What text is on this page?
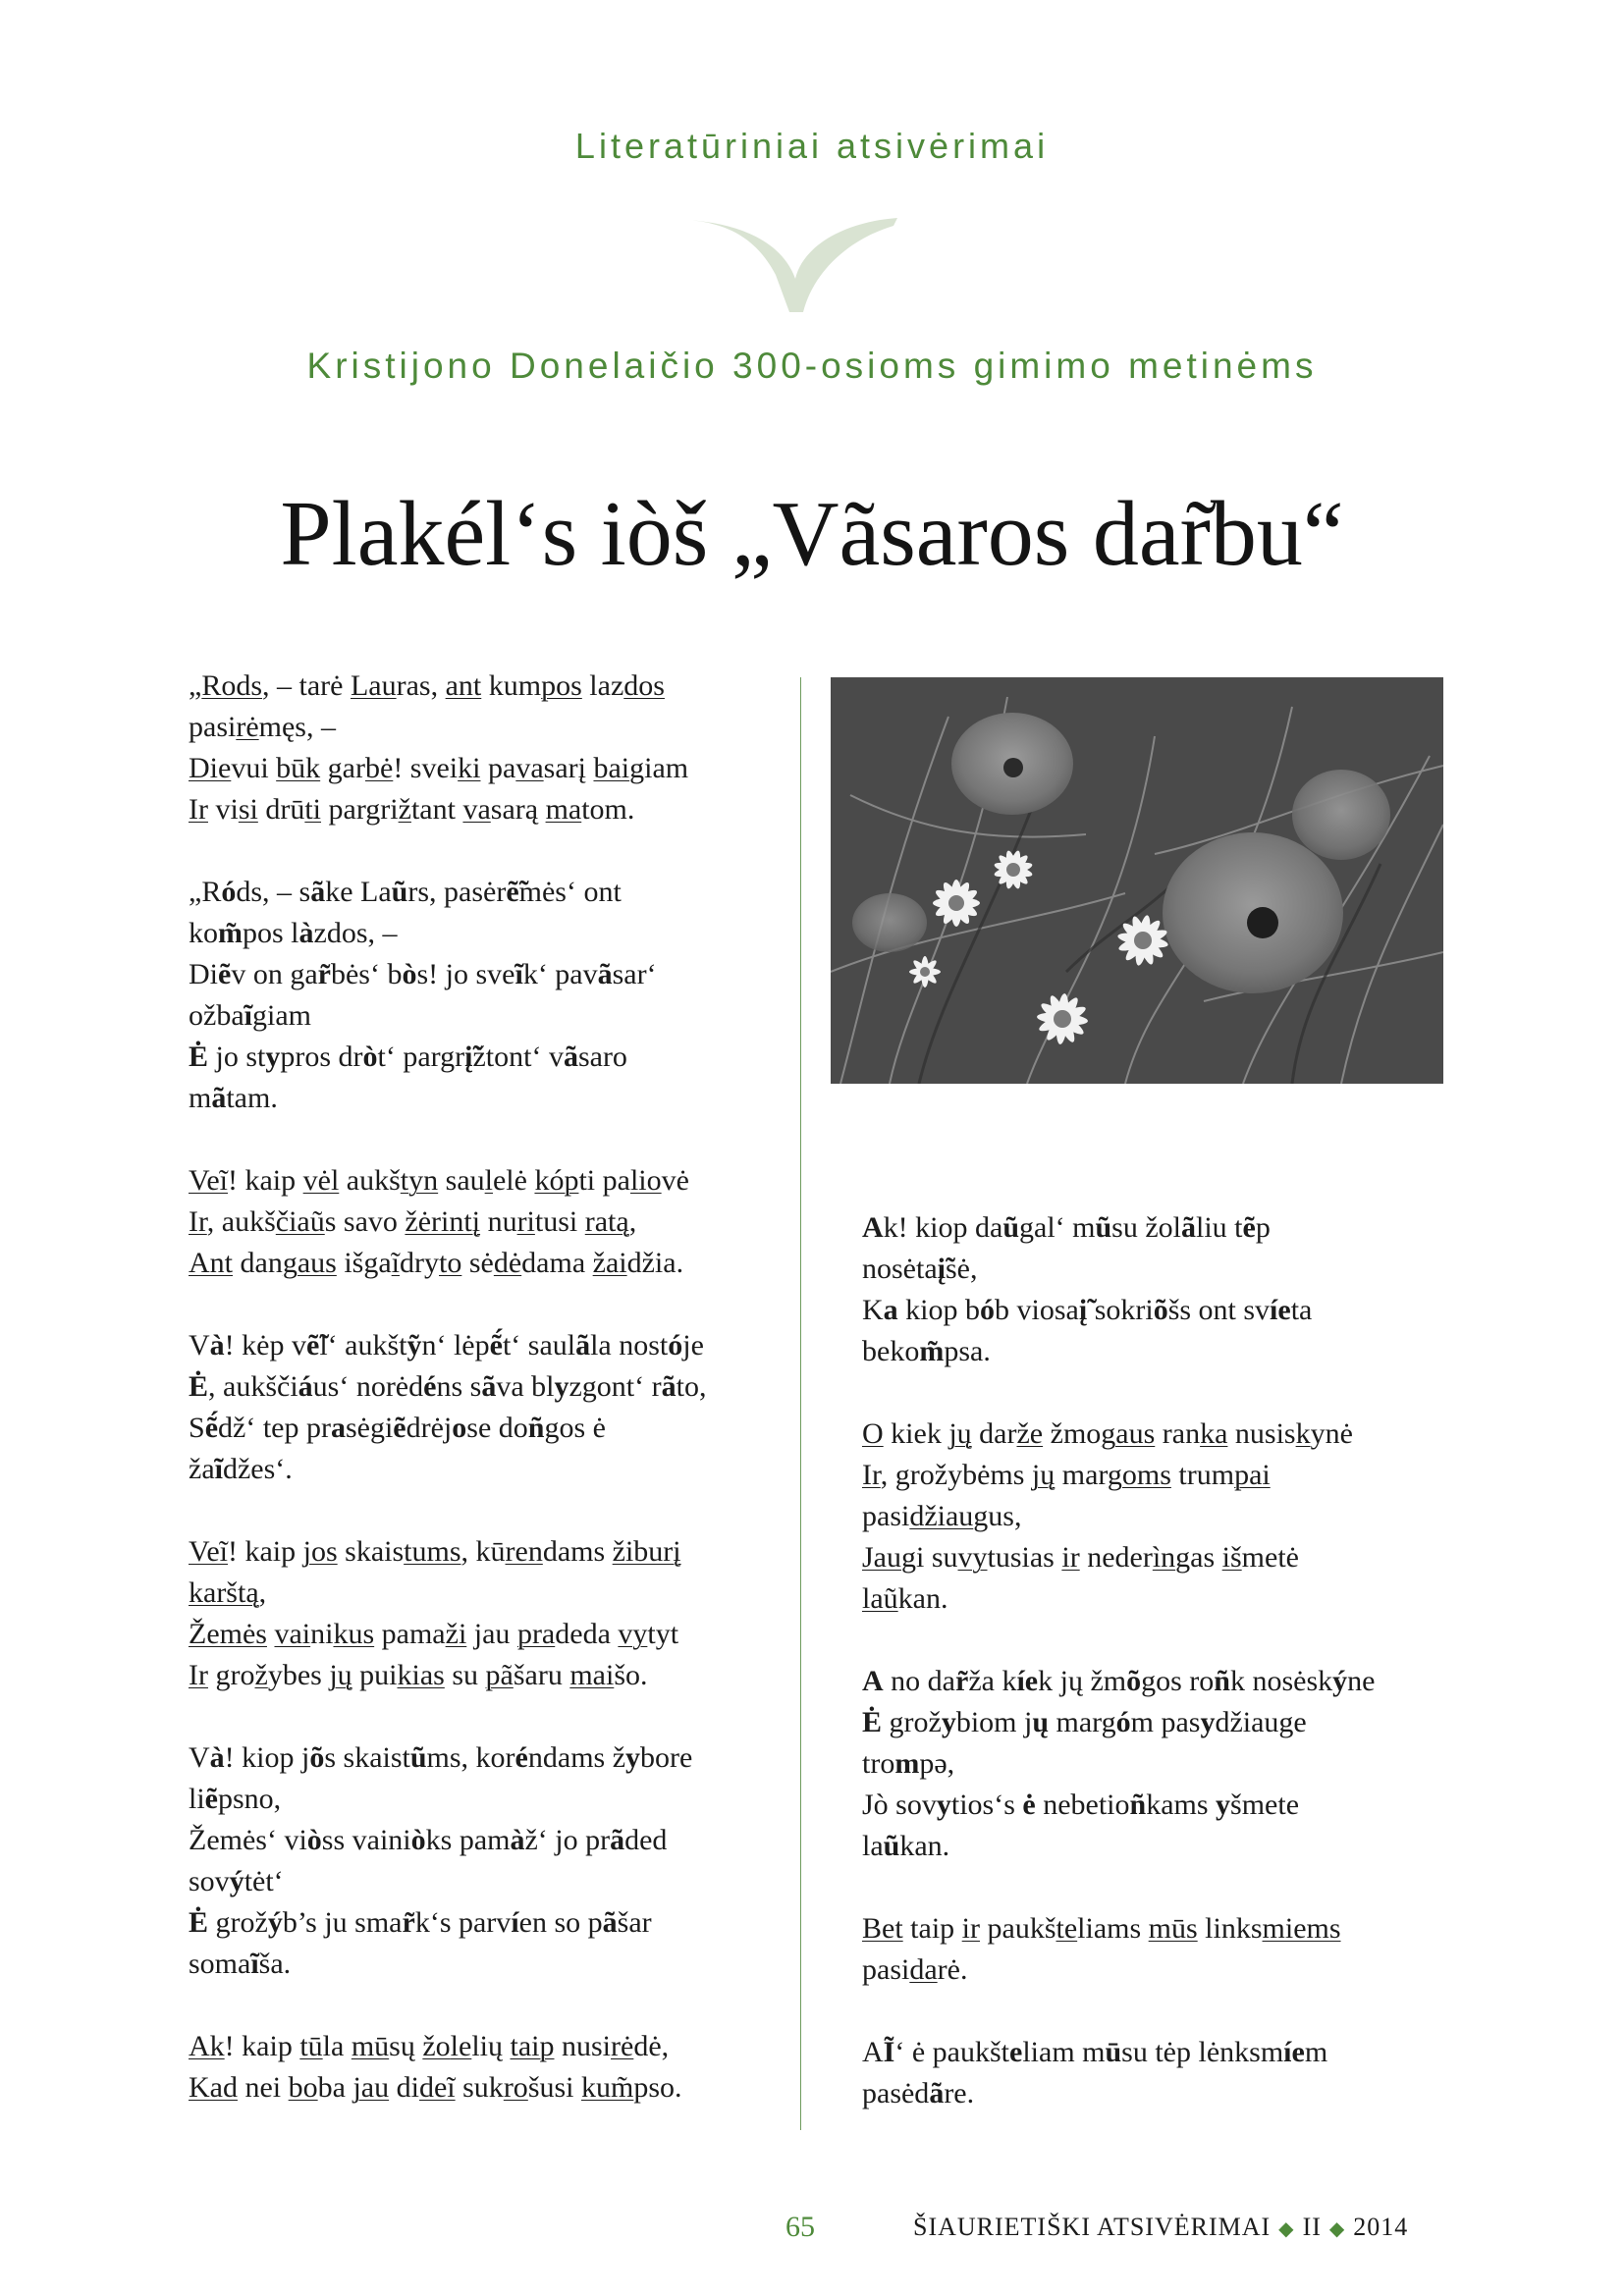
Literatūriniai atsivėrimai
Kristijono Donelaičio 300-osioms gimimo metinėms
Plakél‘s iòš „Vãsaros dar̃bu“
„Rods, – tarė Lauras, ant kumpos lazdos
pasirėmęs, –
Dievui būk garbė! sveiki pavasarį baigiam
Ir visi drūti pargrižtant vasarą matom.
„Róds, – sãke Laũrs, pasėrẽ̃mės‘ ont
kom̃pos làzdos, –
Diẽv on gar̃bės‘ bòs! jo sveĩk‘ pavãsar‘
ožbaĩgiam
Ė jo stypros dròt‘ pargrį̃žtont‘ vãsaro
mãtam.
Veĩ! kaip vėl aukštyn saulelė kópti paliovė
Ir, aukščiaũs savo žėrintį nuritusi ratą,
Ant dangaus išgaĩdryto sėdėdama žaidžia.
Và! kėp vẽ̃l‘ aukštỹn‘ lėpẽ́t‘ saulãla nostóje
Ė, aukščiáus‘ norėdéns sãva blyzgont‘ rãto,
Sẽ́dž‘ tep prasėgiẽdrėjose doñgos ė
žaĩdžes‘.
Veĩ! kaip jos skaistums, kūrendams žiburį
karštą,
Žemės vainikus pamaži jau pradeda vytyt
Ir grožybes jų puikias su pãšaru maišo.
Và! kiop jõs skaistũms, koréndams žybore
liẽpsno,
Žemės‘ viòss vainiòks pamàž‘ jo prãded
sovýtėt‘
Ė grožýb’s ju smar̃k‘s parvíen so pãšar
somaĩša.
Ak! kaip tūla mūsų žolelių taip nusirėdė,
Kad nei boba jau dideĩ sukrošusi kum̃pso.
Ak! kiop daũgal‘ mũsu žolãliu tẽp
nosėtaį̃sė,
Ka kiop bób viosaį̃ sokriõšs ont svíeta
bekom̃psa.
O kiek jų darže žmogaus ranka nusiskynė
Ir, grožybėms jų margoms trumpai
pasidžiaugus,
Jaugi suvytusias ir nederìngas išmetė
laũkan.
A no dar̃ža kíek jų žmõgos roñk nosėskýne
Ė grožybiom jų margóm pasydžiauge
trompə,
Jò sovytios‘s ė nebetioñkams yšmete
laũkan.
Bet taip ir paukšteliams mūs linksmiems
pasidarė.
AĨ‘ ė paukšteliam mūsu tėp lėnksmíem
pasėdãre.
65	ŠIAURIETIŠKI ATSIVĖRIMAI ◆ II ◆ 2014
